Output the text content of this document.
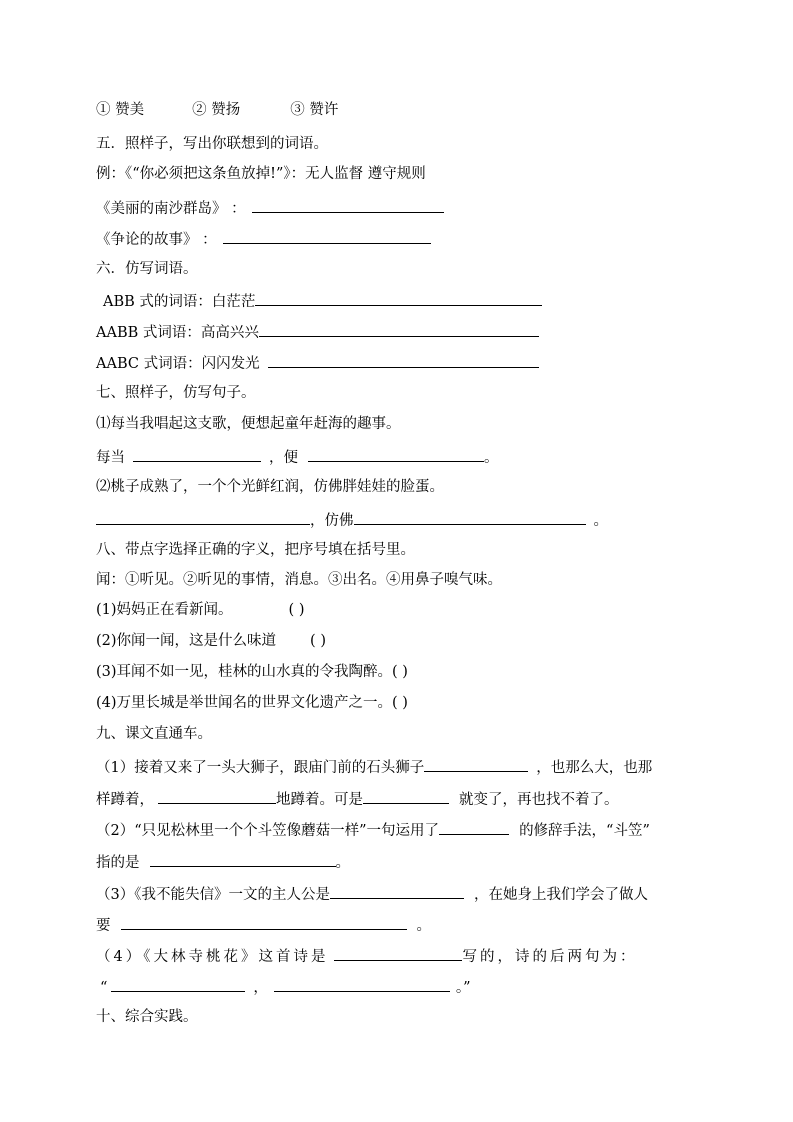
① 赞美	② 赞扬	③ 赞许
五．照样子，写出你联想到的词语。
例：《“你必须把这条鱼放掉!”》：无人监督 遵守规则
《美丽的南沙群岛》 ：
《争论的故事》 ：
六．仿写词语。
ABB 式的词语：白茫茫
AABB 式词语：高高兴兴
AABC 式词语：闪闪发光
七、照样子，仿写句子。
⑴每当我唱起这支歌，便想起童年赶海的趣事。
每当	，便	。
⑵桃子成熟了，一个个光鲜红润，仿佛胖娃娃的脸蛋。
，仿佛	。
八、带点字选择正确的字义，把序号填在括号里。
闻：①听见。②听见的事情，消息。③出名。④用鼻子嗅气味。
(1)妈妈正在看新闻。	( )
(2)你闻一闻，这是什么味道 ( )
(3)耳闻不如一见，桂林的山水真的令我陶醉。( )
(4)万里长城是举世闻名的世界文化遗产之一。( )
九、课文直通车。
（1）接着又来了一头大狮子，跟庙门前的石头狮子	，也那么大，也那
样蹲着，	地蹲着。可是	就变了，再也找不着了。
（2）“只见松林里一个个斗笠像蘑菇一样”一句运用了	的修辞手法，“斗笠”
指的是	。
（3）《我不能失信》一文的主人公是	，在她身上我们学会了做人
要	。
（4）《大林寺桃花》这首诗是	写的，诗的后两句为：
“	，	。”
十、综合实践。
